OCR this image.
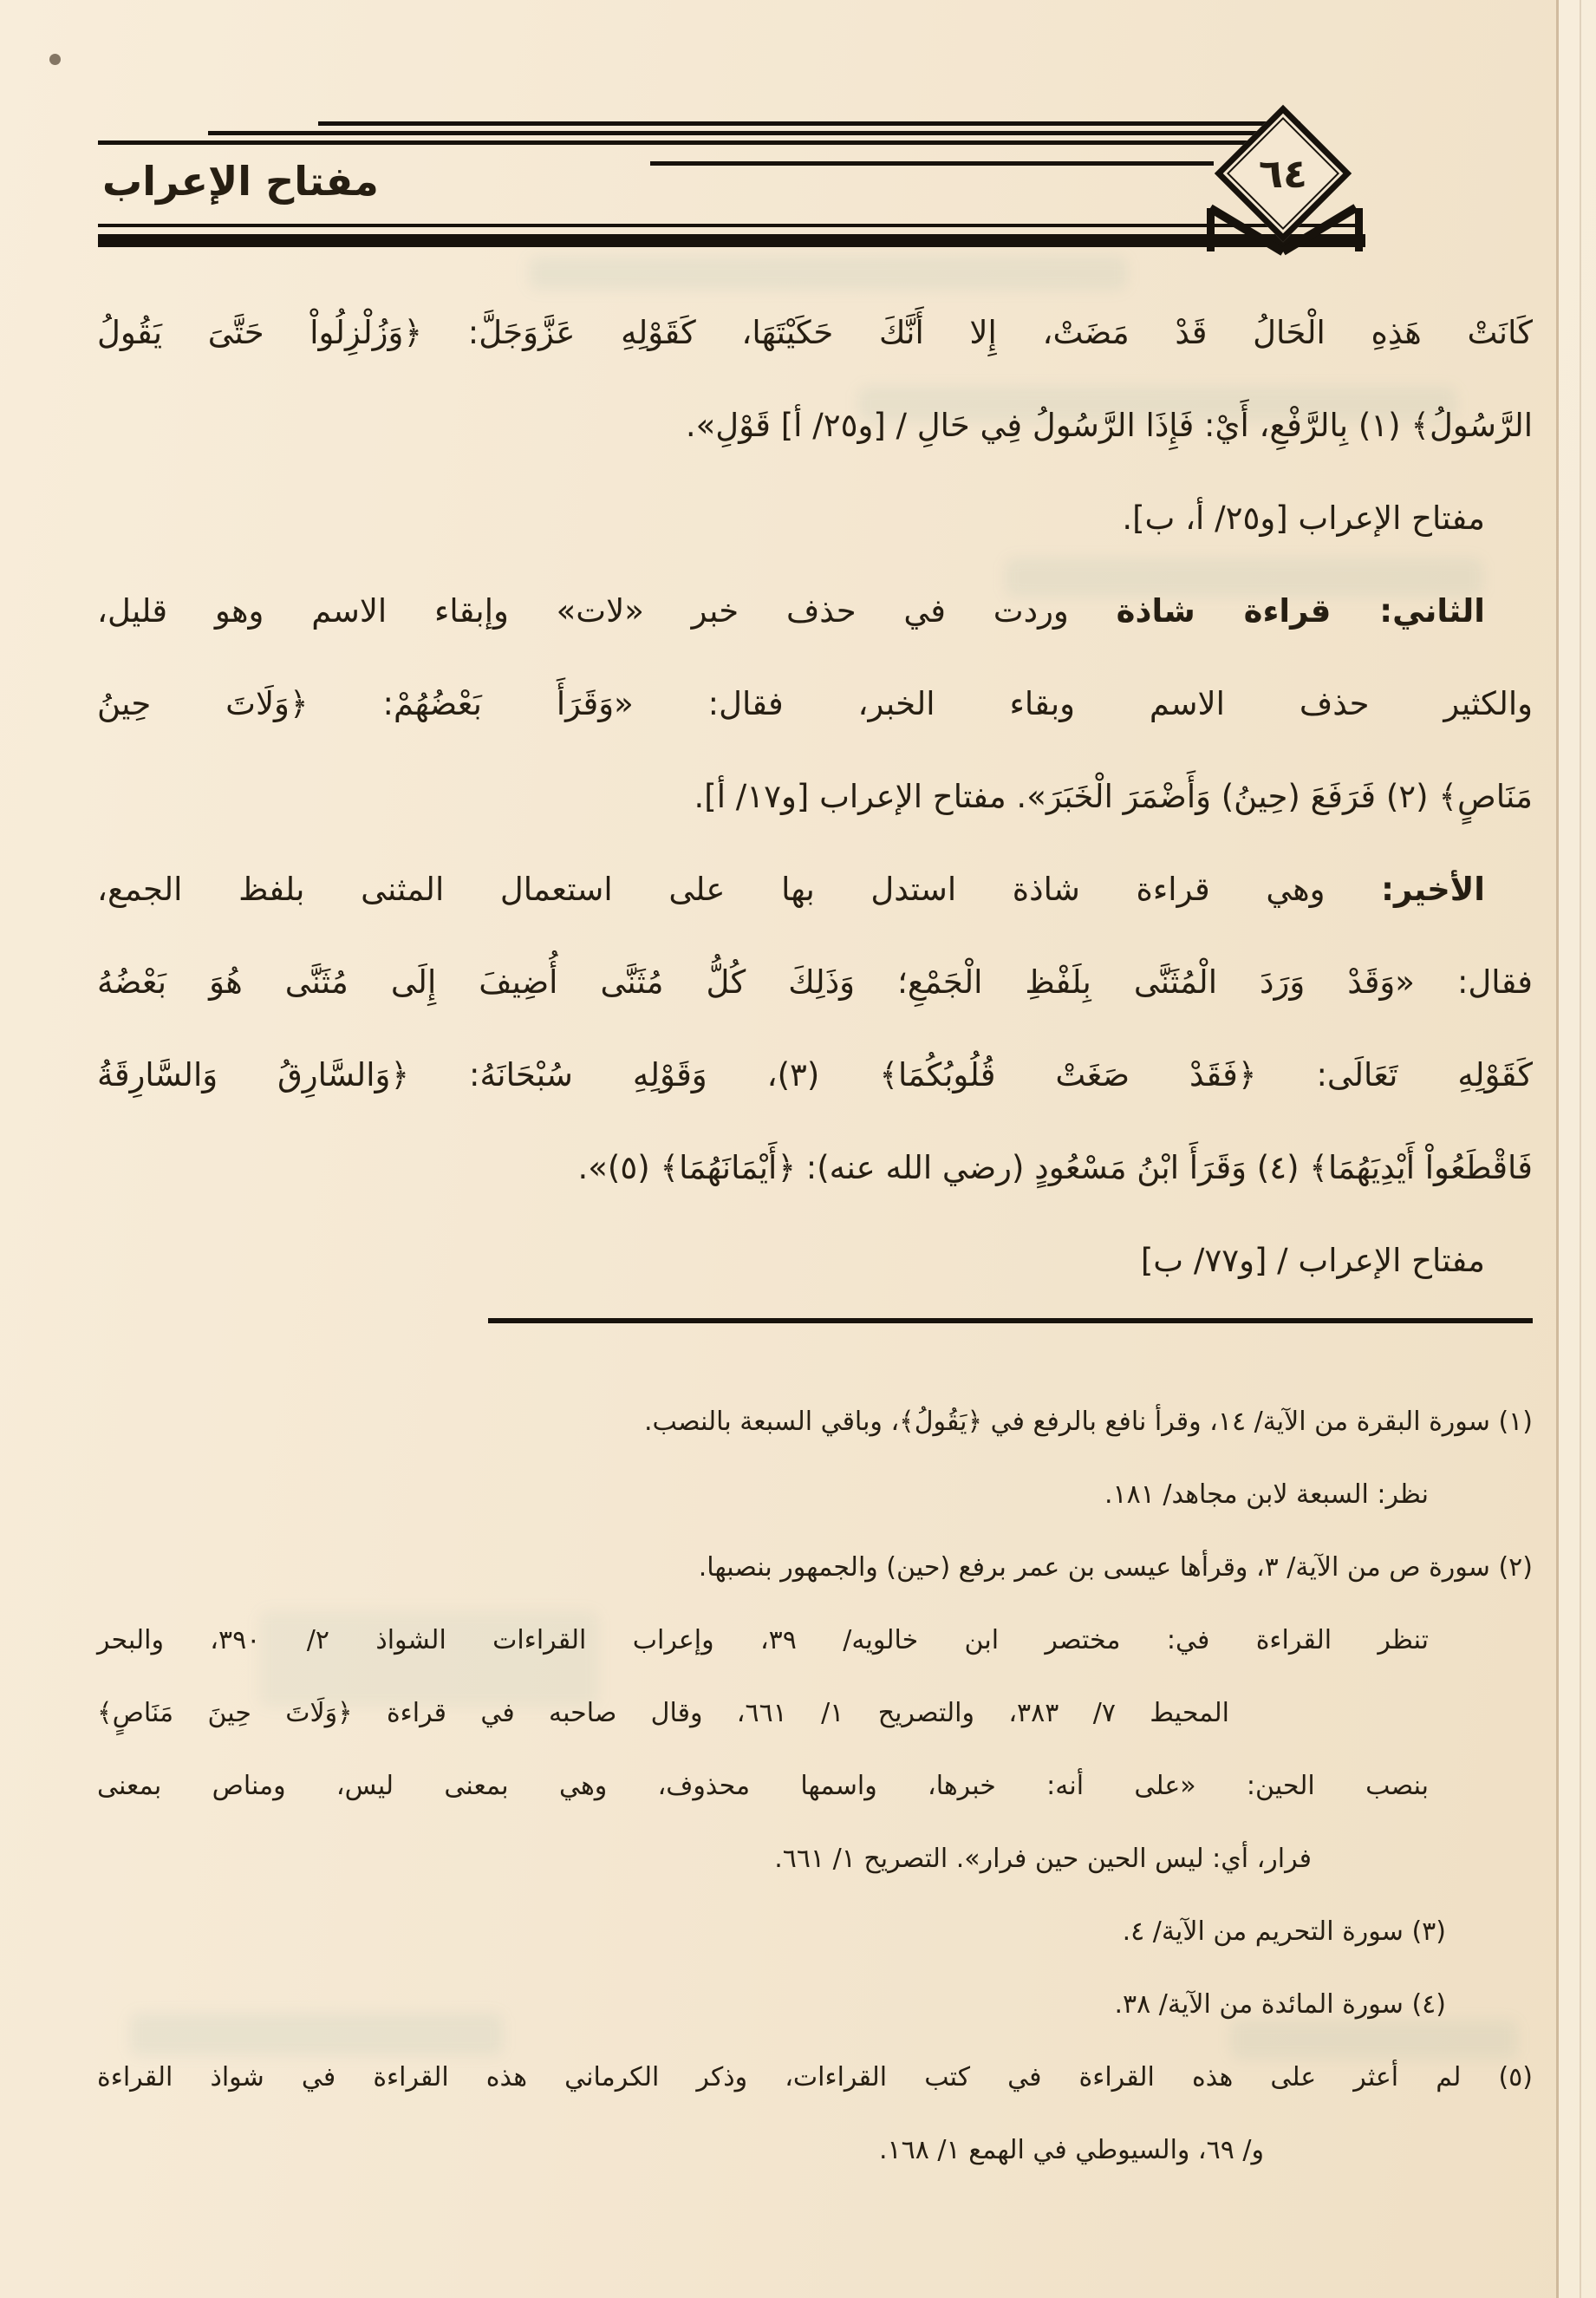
مفتاح الإعراب	٦٤
كَانَتْ هَذِهِ الْحَالُ قَدْ مَضَتْ، إِلا أَنَّكَ حَكَيْتَهَا، كَقَوْلِهِ عَزَّوَجَلَّ: ﴿وَزُلْزِلُواْ حَتَّىَ يَقُولُ
الرَّسُولُ﴾ (١) بِالرَّفْعِ، أَيْ: فَإِذَا الرَّسُولُ فِي حَالِ / [و٢٥/ أ] قَوْلِ».
مفتاح الإعراب [و٢٥/ أ، ب].
الثاني: قراءة شاذة وردت في حذف خبر «لات» وإبقاء الاسم وهو قليل،
والكثير حذف الاسم وبقاء الخبر، فقال: «وَقَرَأَ بَعْضُهُمْ: ﴿وَلَاتَ حِينُ
مَنَاصٍ﴾ (٢) فَرَفَعَ (حِينُ) وَأَضْمَرَ الْخَبَرَ». مفتاح الإعراب [و١٧/ أ].
الأخير: وهي قراءة شاذة استدل بها على استعمال المثنى بلفظ الجمع،
فقال: «وَقَدْ وَرَدَ الْمُثَنَّى بِلَفْظِ الْجَمْعِ؛ وَذَلِكَ كُلُّ مُثَنَّى أُضِيفَ إِلَى مُثَنَّى هُوَ بَعْضُهُ
كَقَوْلِهِ تَعَالَى: ﴿فَقَدْ صَغَتْ قُلُوبُكُمَا﴾ (٣)، وَقَوْلِهِ سُبْحَانَهُ: ﴿وَالسَّارِقُ وَالسَّارِقَةُ
فَاقْطَعُواْ أَيْدِيَهُمَا﴾ (٤) وَقَرَأَ ابْنُ مَسْعُودٍ (رضي الله عنه): ﴿أَيْمَانَهُمَا﴾ (٥)».
مفتاح الإعراب / [و٧٧/ ب]
(١) سورة البقرة من الآية/ ١٤، وقرأ نافع بالرفع في ﴿يَقُولُ﴾، وباقي السبعة بالنصب.
نظر: السبعة لابن مجاهد/ ١٨١.
(٢) سورة ص من الآية/ ٣، وقرأها عيسى بن عمر برفع (حين) والجمهور بنصبها.
تنظر القراءة في: مختصر ابن خالويه/ ٣٩، وإعراب القراءات الشواذ ٢/ ٣٩٠، والبحر
المحيط ٧/ ٣٨٣، والتصريح ١/ ٦٦١، وقال صاحبه في قراءة ﴿وَلَاتَ حِينَ مَنَاصٍ﴾
بنصب الحين: «على أنه: خبرها، واسمها محذوف، وهي بمعنى ليس، ومناص بمعنى
فرار، أي: ليس الحين حين فرار». التصريح ١/ ٦٦١.
(٣) سورة التحريم من الآية/ ٤.
(٤) سورة المائدة من الآية/ ٣٨.
(٥) لم أعثر على هذه القراءة في كتب القراءات، وذكر الكرماني هذه القراءة في شواذ القراءة
و/ ٦٩، والسيوطي في الهمع ١/ ١٦٨.
